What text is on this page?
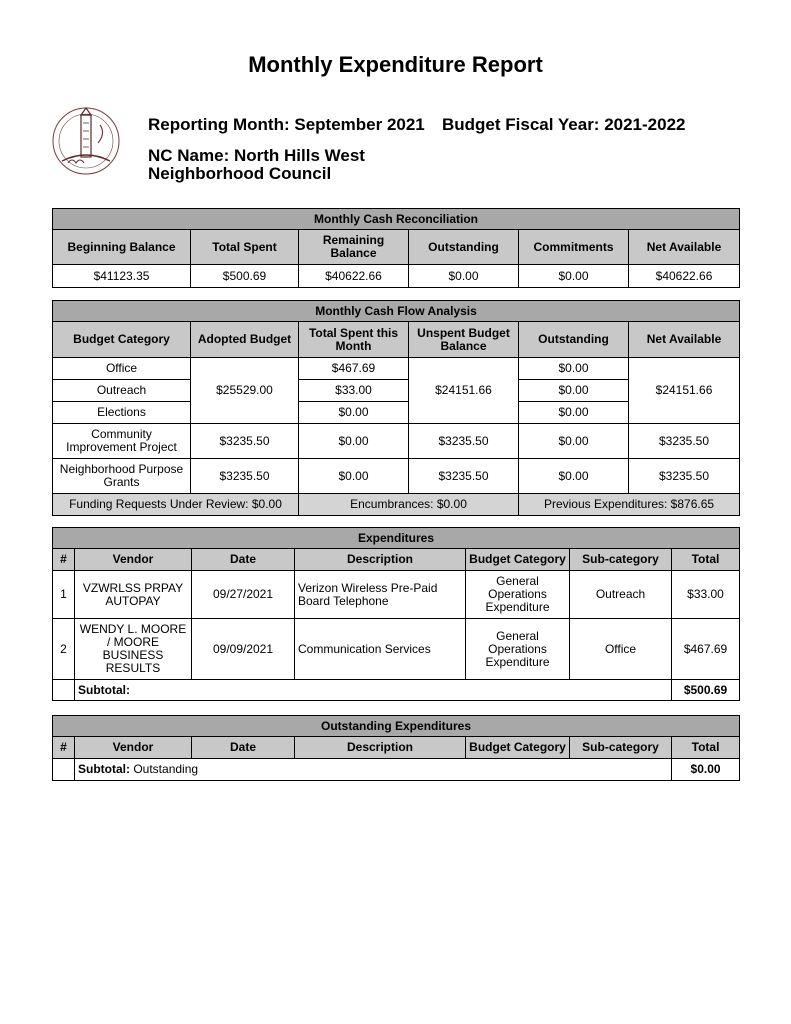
Monthly Expenditure Report
Reporting Month: September 2021 Budget Fiscal Year: 2021-2022
NC Name: North Hills West
Neighborhood Council
Monthly Cash Reconciliation					
Beginning Balance	Total Spent	Remaining Balance	Outstanding	Commitments	Net Available
$41123.35	$500.69	$40622.66	$0.00	$0.00	$40622.66
Monthly Cash Flow Analysis					
Budget Category	Adopted Budget	Total Spent this Month	Unspent Budget Balance	Outstanding	Net Available
Office	$25529.00	$467.69	$24151.66	$0.00	$24151.66
Outreach		$33.00		$0.00	
Elections		$0.00		$0.00	
Community Improvement Project	$3235.50	$0.00	$3235.50	$0.00	$3235.50
Neighborhood Purpose Grants	$3235.50	$0.00	$3235.50	$0.00	$3235.50
Funding Requests Under Review: $0.00		Encumbrances: $0.00		Previous Expenditures: $876.65	
Expenditures						
#	Vendor	Date	Description	Budget Category	Sub-category	Total
1	VZWRLSS PRPAY AUTOPAY	09/27/2021	Verizon Wireless Pre-Paid Board Telephone	General Operations Expenditure	Outreach	$33.00
2	WENDY L. MOORE / MOORE BUSINESS RESULTS	09/09/2021	Communication Services	General Operations Expenditure	Office	$467.69
	Subtotal:					$500.69
Outstanding Expenditures						
#	Vendor	Date	Description	Budget Category	Sub-category	Total
	Subtotal: Outstanding					$0.00
